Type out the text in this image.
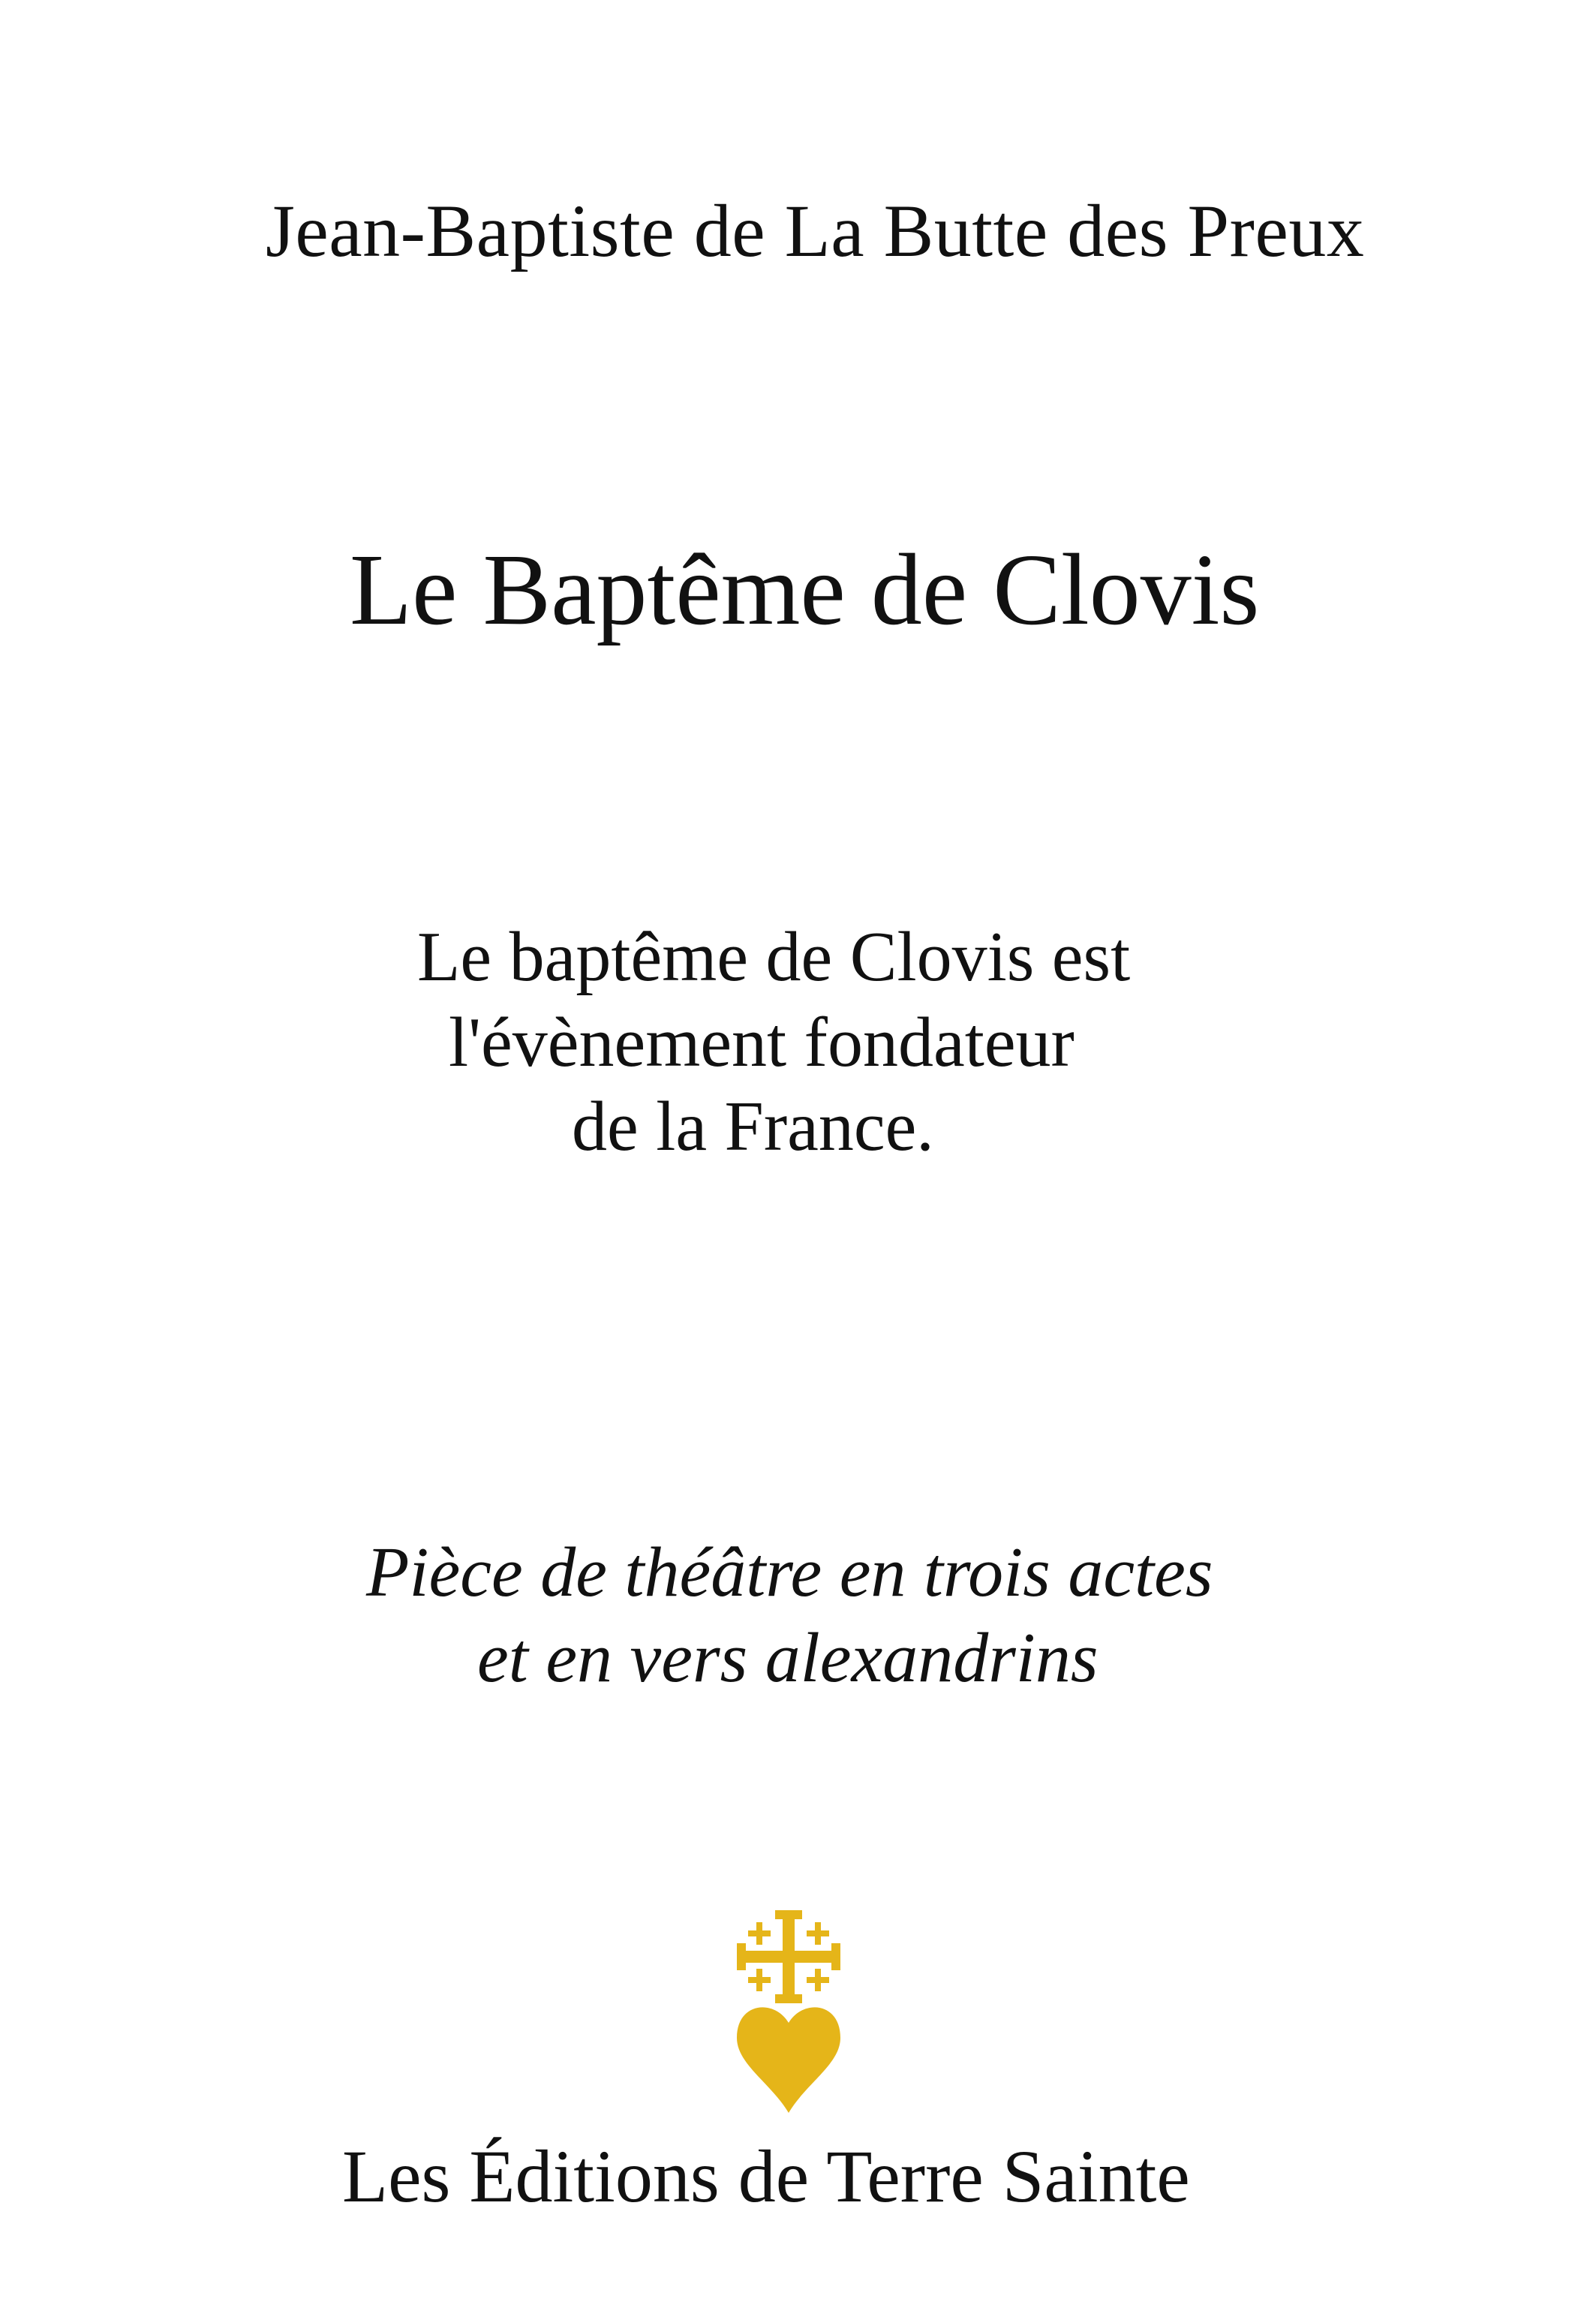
Jean-Baptiste de La Butte des Preux

Le Baptême de Clovis

Le baptême de Clovis est

l'évènement fondateur

de la France.

Pièce de théâtre en trois actes

et en vers alexandrins

Les Éditions de Terre Sainte
